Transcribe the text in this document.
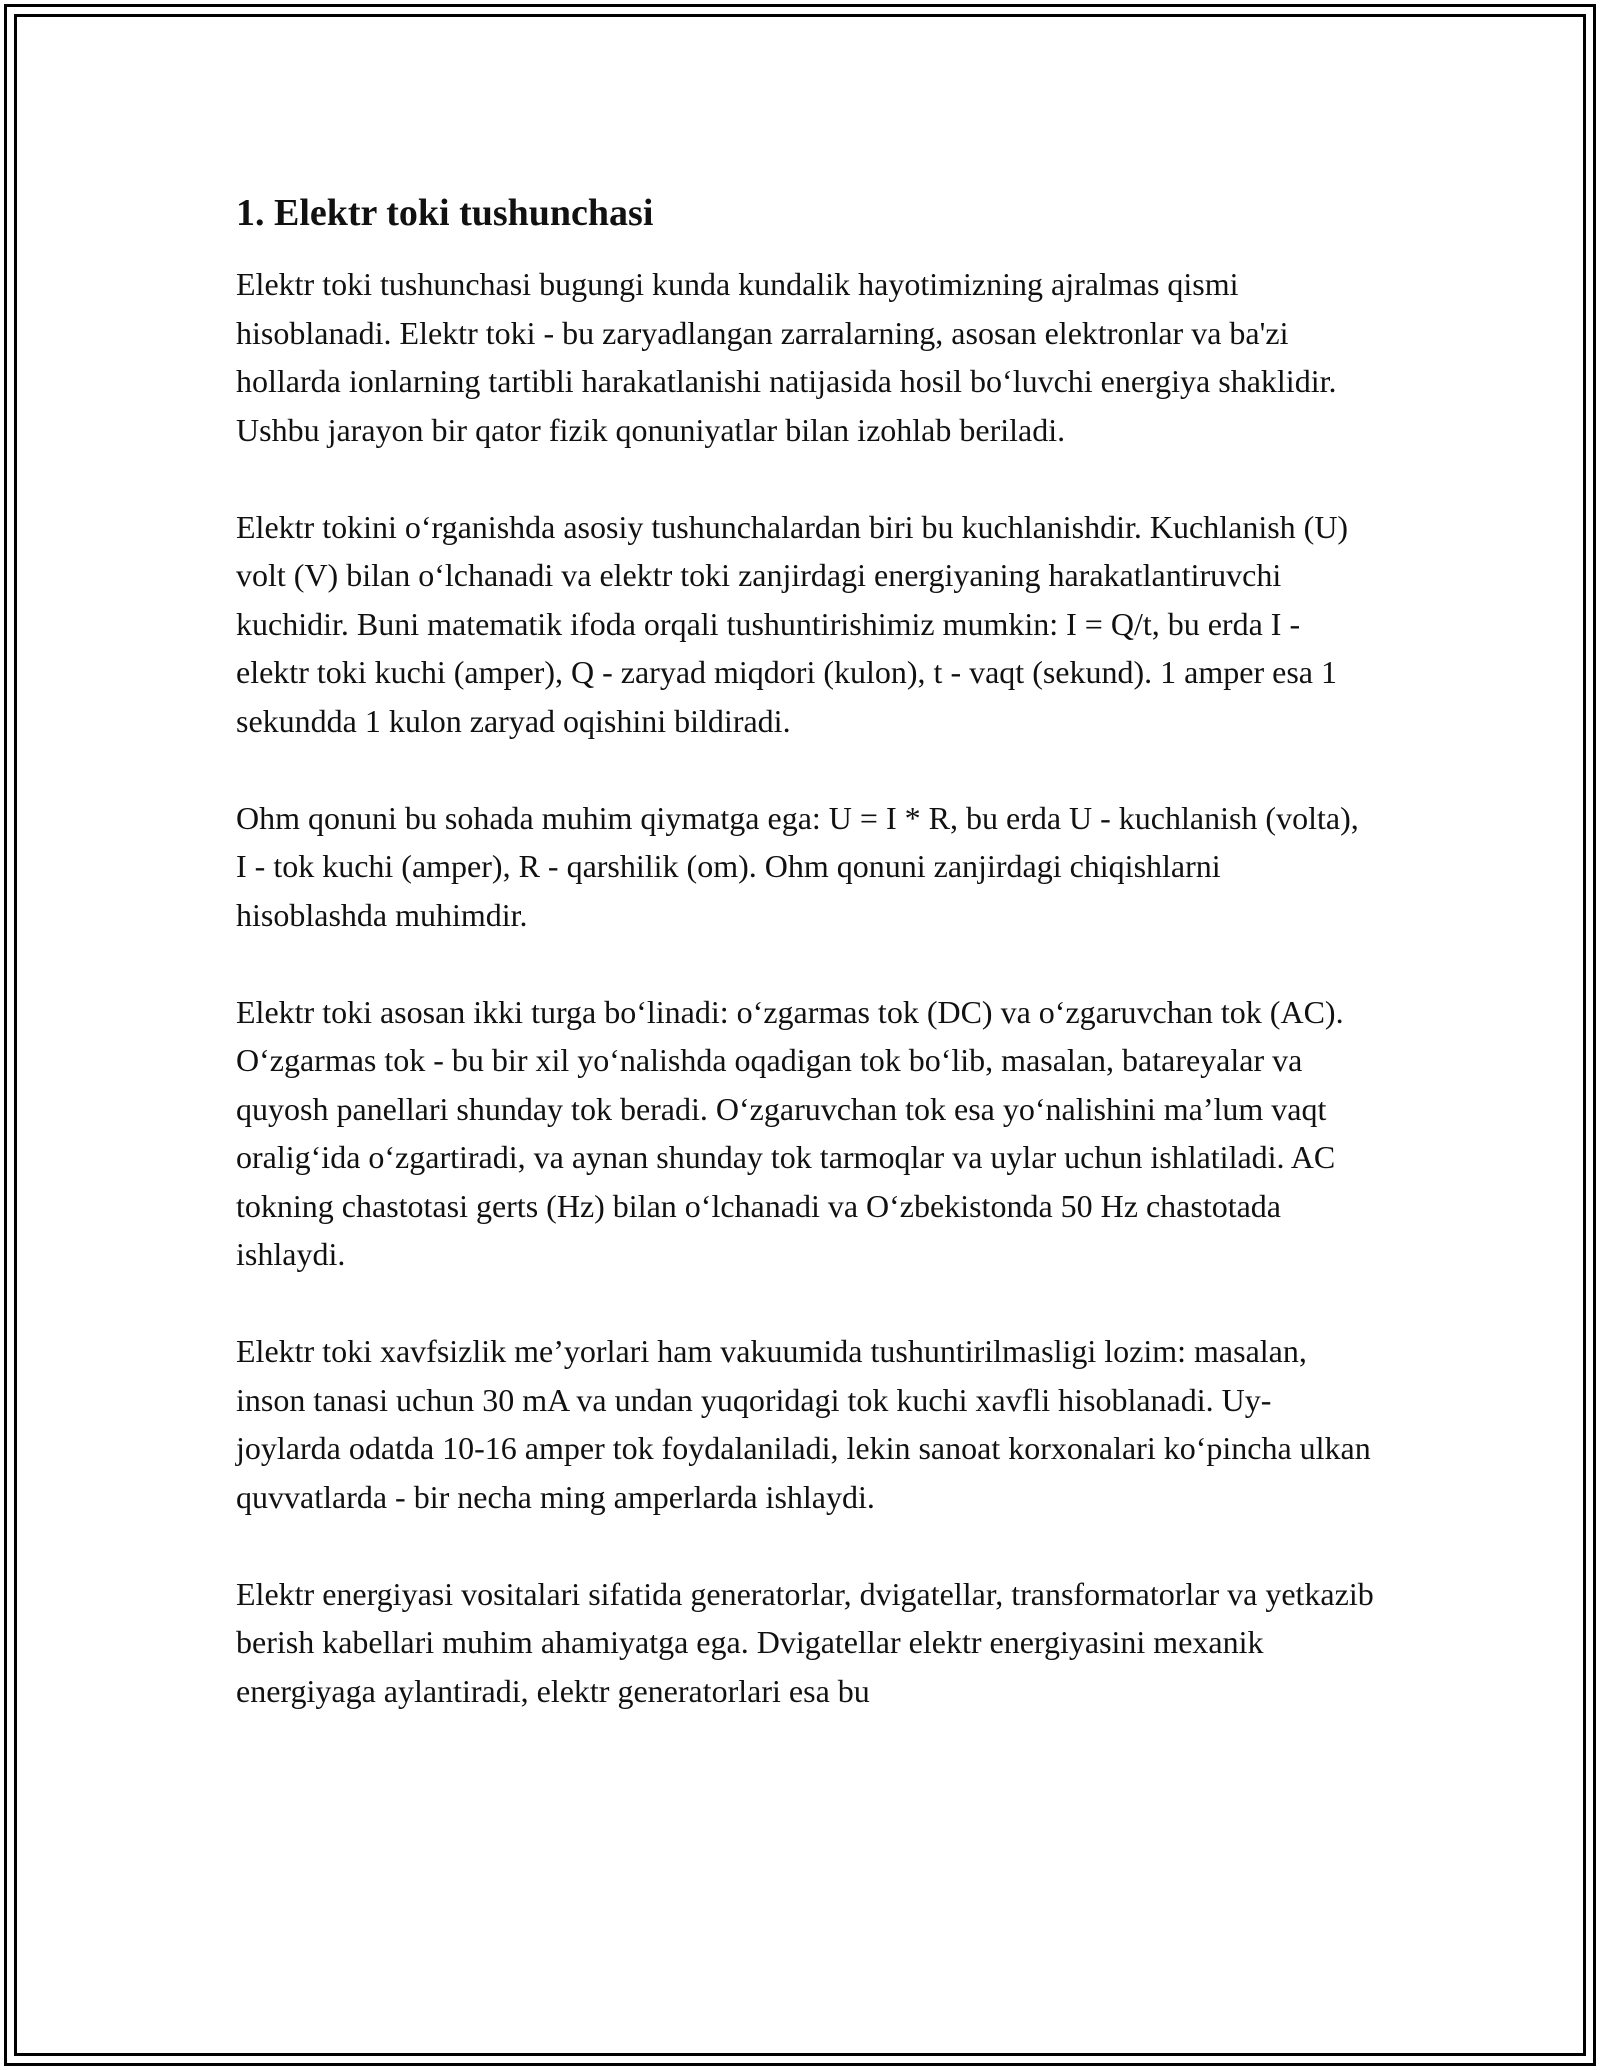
1. Elektr toki tushunchasi

Elektr toki tushunchasi bugungi kunda kundalik hayotimizning ajralmas qismi hisoblanadi. Elektr toki - bu zaryadlangan zarralarning, asosan elektronlar va ba'zi hollarda ionlarning tartibli harakatlanishi natijasida hosil bo‘luvchi energiya shaklidir. Ushbu jarayon bir qator fizik qonuniyatlar bilan izohlab beriladi.

Elektr tokini o‘rganishda asosiy tushunchalardan biri bu kuchlanishdir. Kuchlanish (U) volt (V) bilan o‘lchanadi va elektr toki zanjirdagi energiyaning harakatlantiruvchi kuchidir. Buni matematik ifoda orqali tushuntirishimiz mumkin: I = Q/t, bu erda I - elektr toki kuchi (amper), Q - zaryad miqdori (kulon), t - vaqt (sekund). 1 amper esa 1 sekundda 1 kulon zaryad oqishini bildiradi.

Ohm qonuni bu sohada muhim qiymatga ega: U = I * R, bu erda U - kuchlanish (volta), I - tok kuchi (amper), R - qarshilik (om). Ohm qonuni zanjirdagi chiqishlarni hisoblashda muhimdir.

Elektr toki asosan ikki turga bo‘linadi: o‘zgarmas tok (DC) va o‘zgaruvchan tok (AC). O‘zgarmas tok - bu bir xil yo‘nalishda oqadigan tok bo‘lib, masalan, batareyalar va quyosh panellari shunday tok beradi. O‘zgaruvchan tok esa yo‘nalishini ma’lum vaqt oralig‘ida o‘zgartiradi, va aynan shunday tok tarmoqlar va uylar uchun ishlatiladi. AC tokning chastotasi gerts (Hz) bilan o‘lchanadi va O‘zbekistonda 50 Hz chastotada ishlaydi.

Elektr toki xavfsizlik me’yorlari ham vakuumida tushuntirilmasligi lozim: masalan, inson tanasi uchun 30 mA va undan yuqoridagi tok kuchi xavfli hisoblanadi. Uy-joylarda odatda 10-16 amper tok foydalaniladi, lekin sanoat korxonalari ko‘pincha ulkan quvvatlarda - bir necha ming amperlarda ishlaydi.

Elektr energiyasi vositalari sifatida generatorlar, dvigatellar, transformatorlar va yetkazib berish kabellari muhim ahamiyatga ega. Dvigatellar elektr energiyasini mexanik energiyaga aylantiradi, elektr generatorlari esa bu
